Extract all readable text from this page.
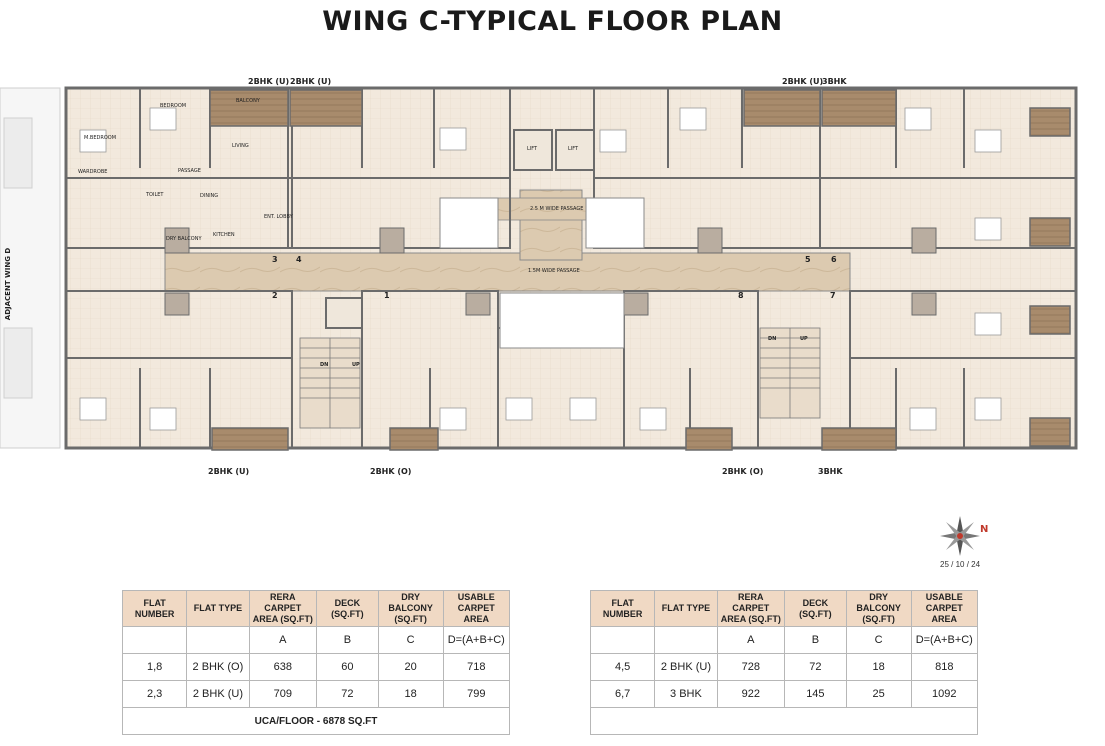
WING C-TYPICAL FLOOR PLAN
ADJACENT WING D
2BHK (U) 2BHK (U)	2BHK (U)
3BHK
2BHK (U)	2BHK (O)	2BHK (O)	3BHK
1.5M WIDE PASSAGE
2.5 M WIDE PASSAGE
3 4	5	6
2	1	8	7
BEDROOM
M.BEDROOM
LIVING
KITCHEN
TOILET
BALCONY
DRY BALCONY
PASSAGE
DINING
LIFT	LIFT
ENT. LOBBY
WARDROBE
DN	UP
DN	UP
N
25 / 10 / 24
FLAT NUMBER	FLAT TYPE	RERA CARPET AREA (SQ.FT)	DECK (SQ.FT)	DRY BALCONY (SQ.FT)	USABLE CARPET AREA
		A	B	C	D=(A+B+C)
1,8	2 BHK (O)	638	60	20	718
2,3	2 BHK (U)	709	72	18	799
UCA/FLOOR - 6878 SQ.FT					
FLAT NUMBER	FLAT TYPE	RERA CARPET AREA (SQ.FT)	DECK (SQ.FT)	DRY BALCONY (SQ.FT)	USABLE CARPET AREA
		A	B	C	D=(A+B+C)
4,5	2 BHK (U)	728	72	18	818
6,7	3 BHK	922	145	25	1092
